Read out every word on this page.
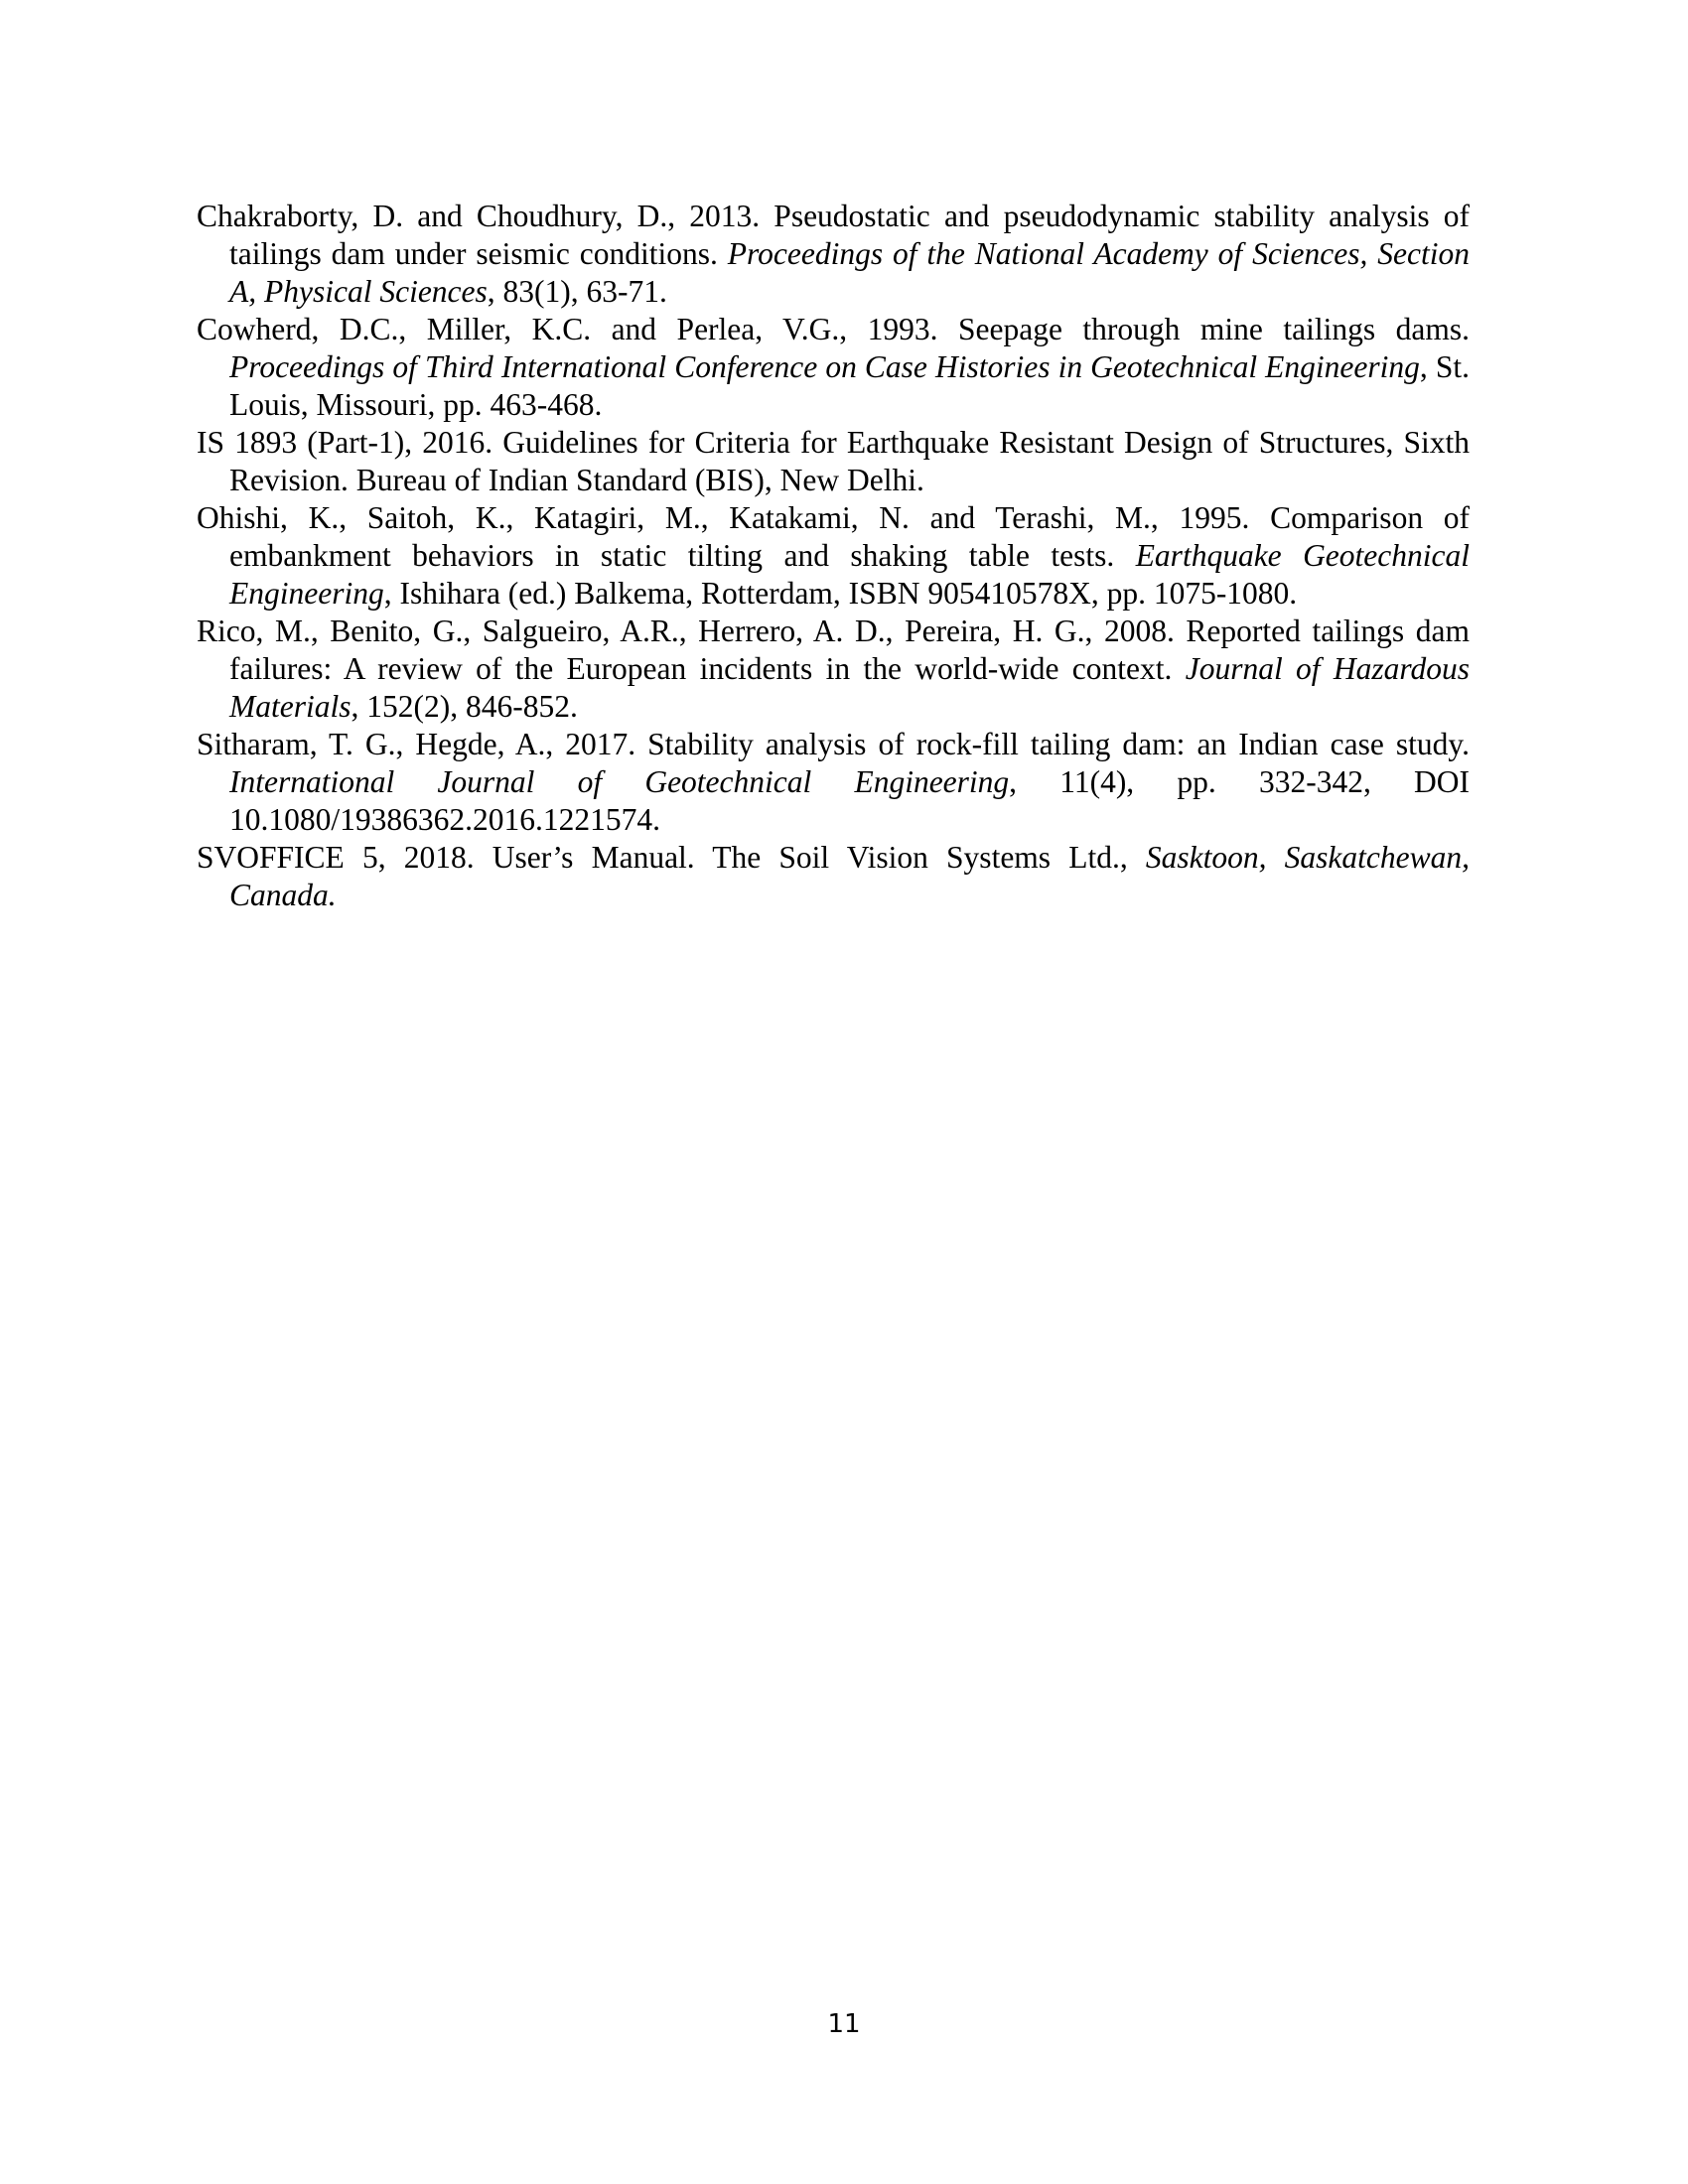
Chakraborty, D. and Choudhury, D., 2013. Pseudostatic and pseudodynamic stability analysis of tailings dam under seismic conditions. Proceedings of the National Academy of Sciences, Section A, Physical Sciences, 83(1), 63-71.

Cowherd, D.C., Miller, K.C. and Perlea, V.G., 1993. Seepage through mine tailings dams. Proceedings of Third International Conference on Case Histories in Geotechnical Engineering, St. Louis, Missouri, pp. 463-468.

IS 1893 (Part-1), 2016. Guidelines for Criteria for Earthquake Resistant Design of Structures, Sixth Revision. Bureau of Indian Standard (BIS), New Delhi.

Ohishi, K., Saitoh, K., Katagiri, M., Katakami, N. and Terashi, M., 1995. Comparison of embankment behaviors in static tilting and shaking table tests. Earthquake Geotechnical Engineering, Ishihara (ed.) Balkema, Rotterdam, ISBN 905410578X, pp. 1075-1080.

Rico, M., Benito, G., Salgueiro, A.R., Herrero, A. D., Pereira, H. G., 2008. Reported tailings dam failures: A review of the European incidents in the world-wide context. Journal of Hazardous Materials, 152(2), 846-852.

Sitharam, T. G., Hegde, A., 2017. Stability analysis of rock-fill tailing dam: an Indian case study. International Journal of Geotechnical Engineering, 11(4), pp. 332-342, DOI 10.1080/19386362.2016.1221574.

SVOFFICE 5, 2018. User’s Manual. The Soil Vision Systems Ltd., Sasktoon, Saskatchewan, Canada.

11
